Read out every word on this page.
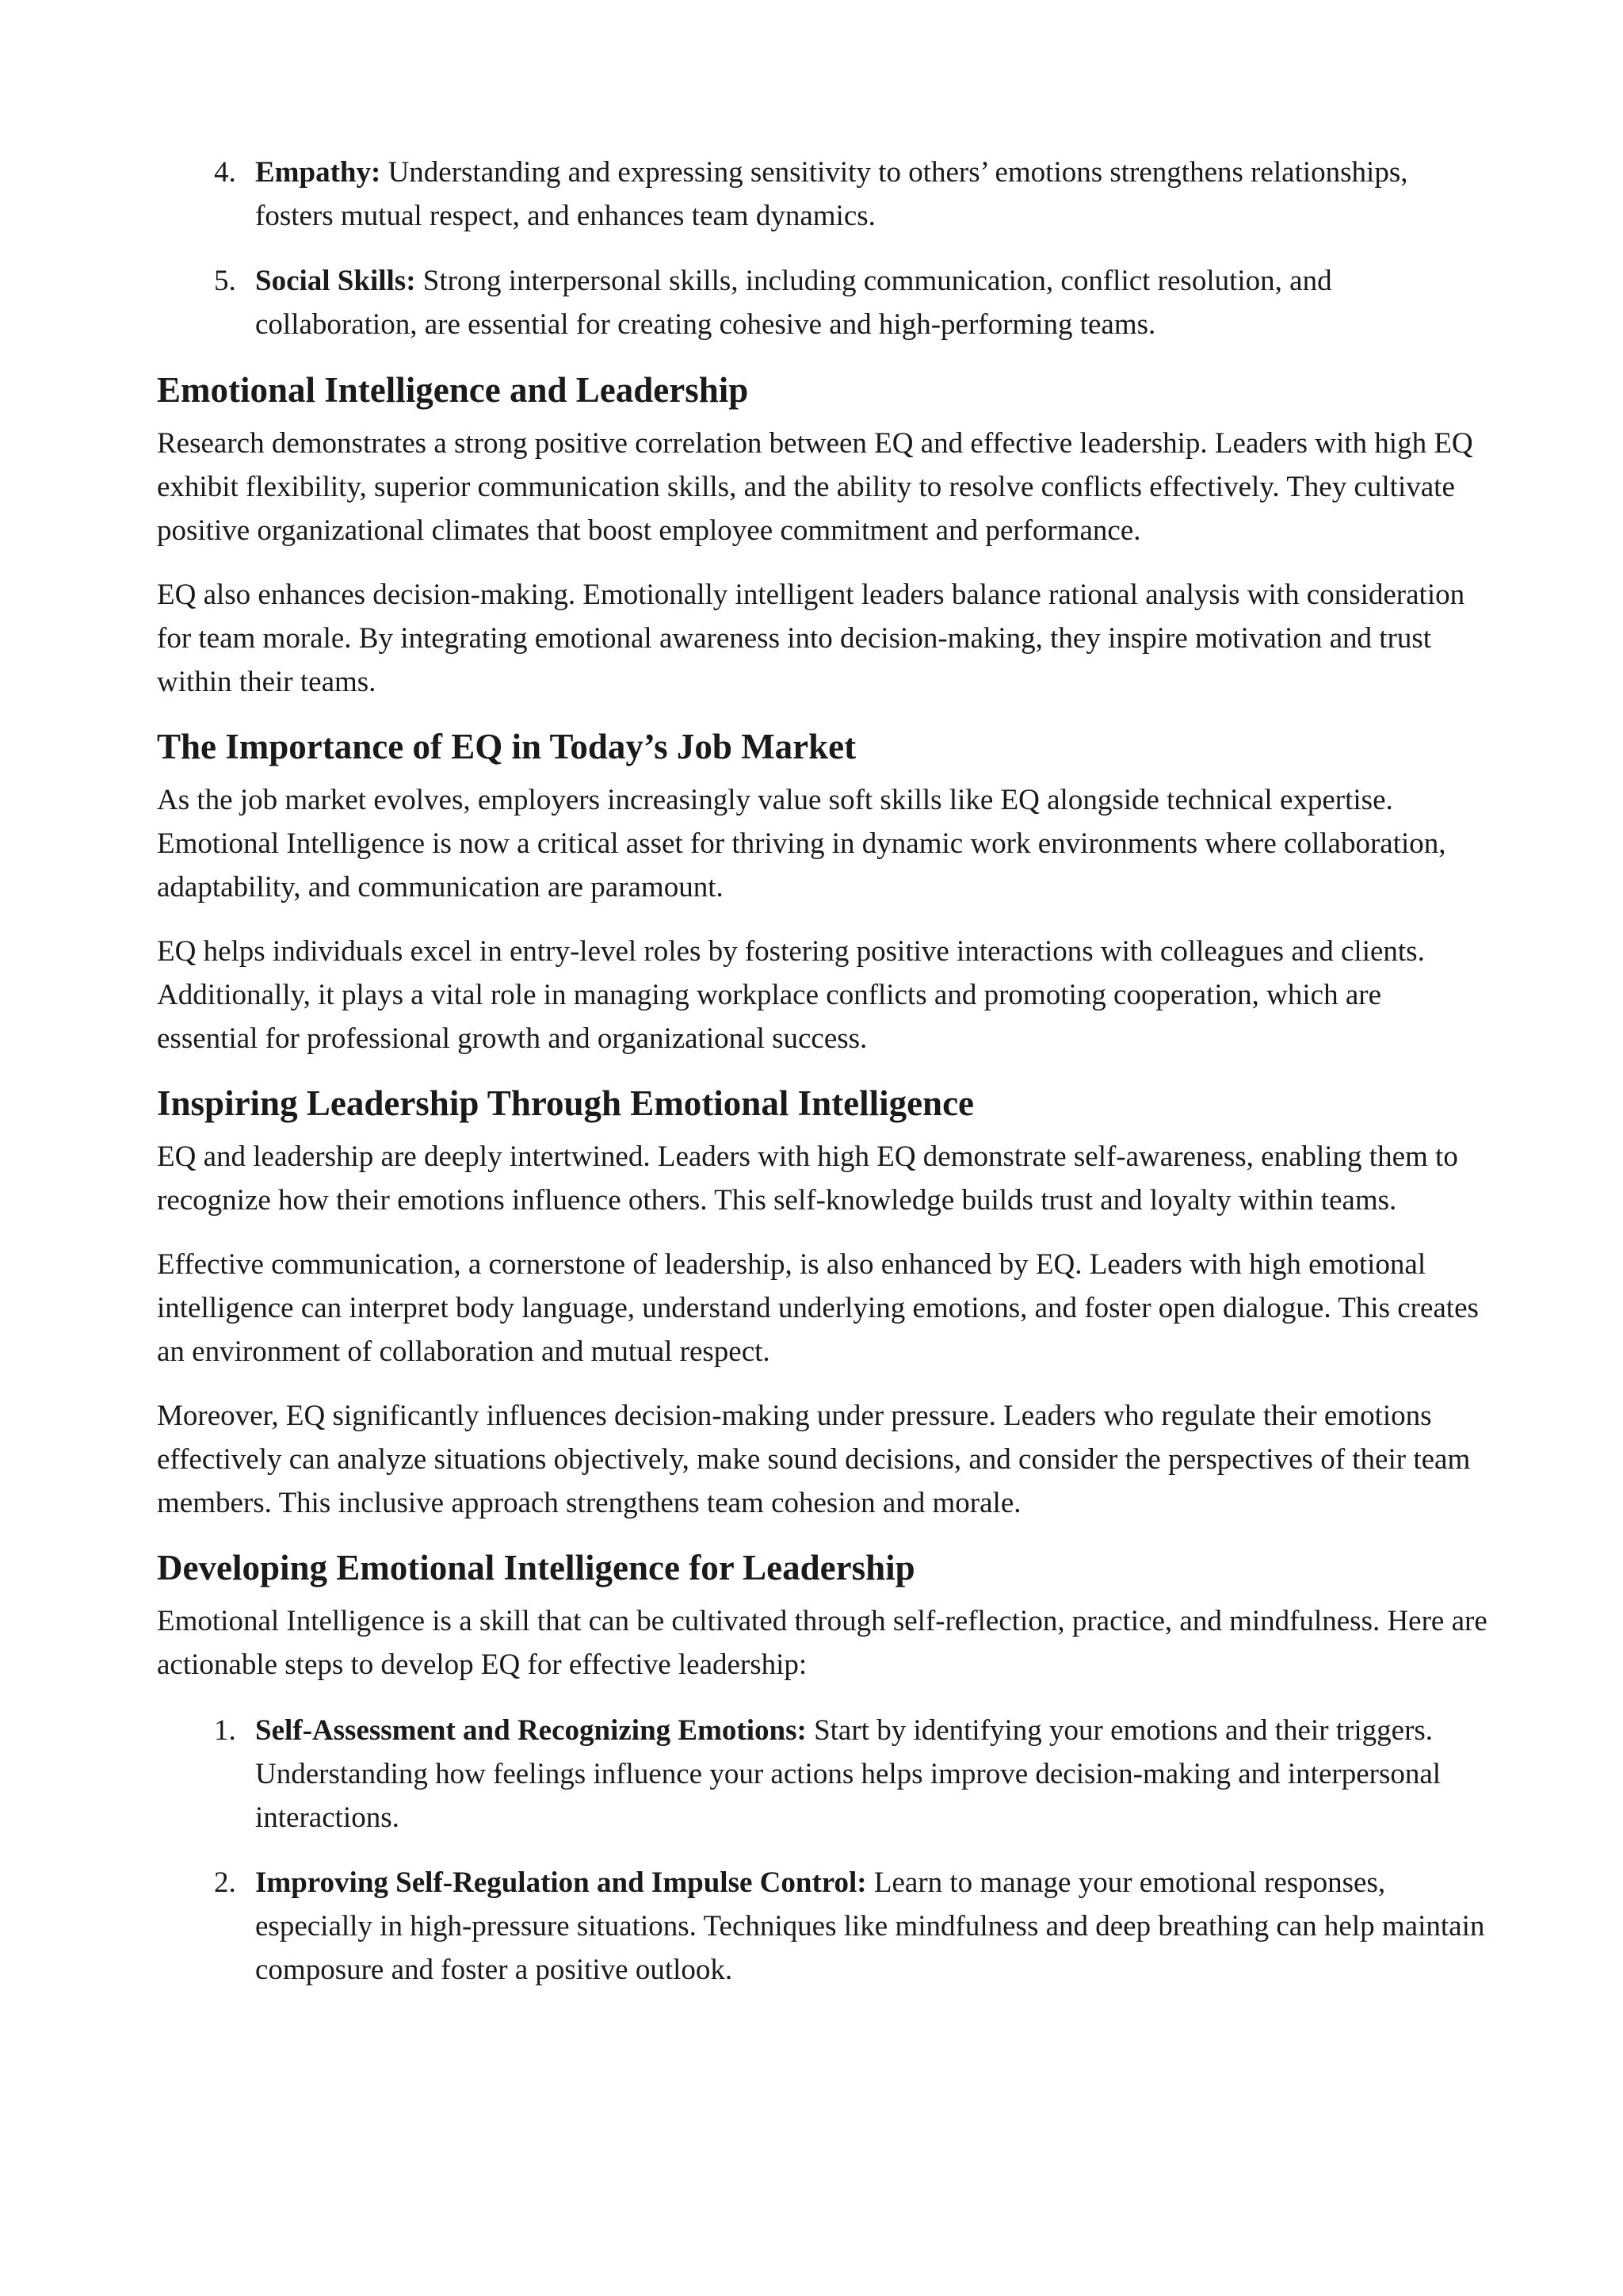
4. Empathy: Understanding and expressing sensitivity to others’ emotions strengthens relationships, fosters mutual respect, and enhances team dynamics.
5. Social Skills: Strong interpersonal skills, including communication, conflict resolution, and collaboration, are essential for creating cohesive and high-performing teams.
Emotional Intelligence and Leadership

Research demonstrates a strong positive correlation between EQ and effective leadership. Leaders with high EQ exhibit flexibility, superior communication skills, and the ability to resolve conflicts effectively. They cultivate positive organizational climates that boost employee commitment and performance.

EQ also enhances decision-making. Emotionally intelligent leaders balance rational analysis with consideration for team morale. By integrating emotional awareness into decision-making, they inspire motivation and trust within their teams.

The Importance of EQ in Today’s Job Market

As the job market evolves, employers increasingly value soft skills like EQ alongside technical expertise. Emotional Intelligence is now a critical asset for thriving in dynamic work environments where collaboration, adaptability, and communication are paramount.

EQ helps individuals excel in entry-level roles by fostering positive interactions with colleagues and clients. Additionally, it plays a vital role in managing workplace conflicts and promoting cooperation, which are essential for professional growth and organizational success.

Inspiring Leadership Through Emotional Intelligence

EQ and leadership are deeply intertwined. Leaders with high EQ demonstrate self-awareness, enabling them to recognize how their emotions influence others. This self-knowledge builds trust and loyalty within teams.

Effective communication, a cornerstone of leadership, is also enhanced by EQ. Leaders with high emotional intelligence can interpret body language, understand underlying emotions, and foster open dialogue. This creates an environment of collaboration and mutual respect.

Moreover, EQ significantly influences decision-making under pressure. Leaders who regulate their emotions effectively can analyze situations objectively, make sound decisions, and consider the perspectives of their team members. This inclusive approach strengthens team cohesion and morale.

Developing Emotional Intelligence for Leadership

Emotional Intelligence is a skill that can be cultivated through self-reflection, practice, and mindfulness. Here are actionable steps to develop EQ for effective leadership:

1. Self-Assessment and Recognizing Emotions: Start by identifying your emotions and their triggers. Understanding how feelings influence your actions helps improve decision-making and interpersonal interactions.
2. Improving Self-Regulation and Impulse Control: Learn to manage your emotional responses, especially in high-pressure situations. Techniques like mindfulness and deep breathing can help maintain composure and foster a positive outlook.
